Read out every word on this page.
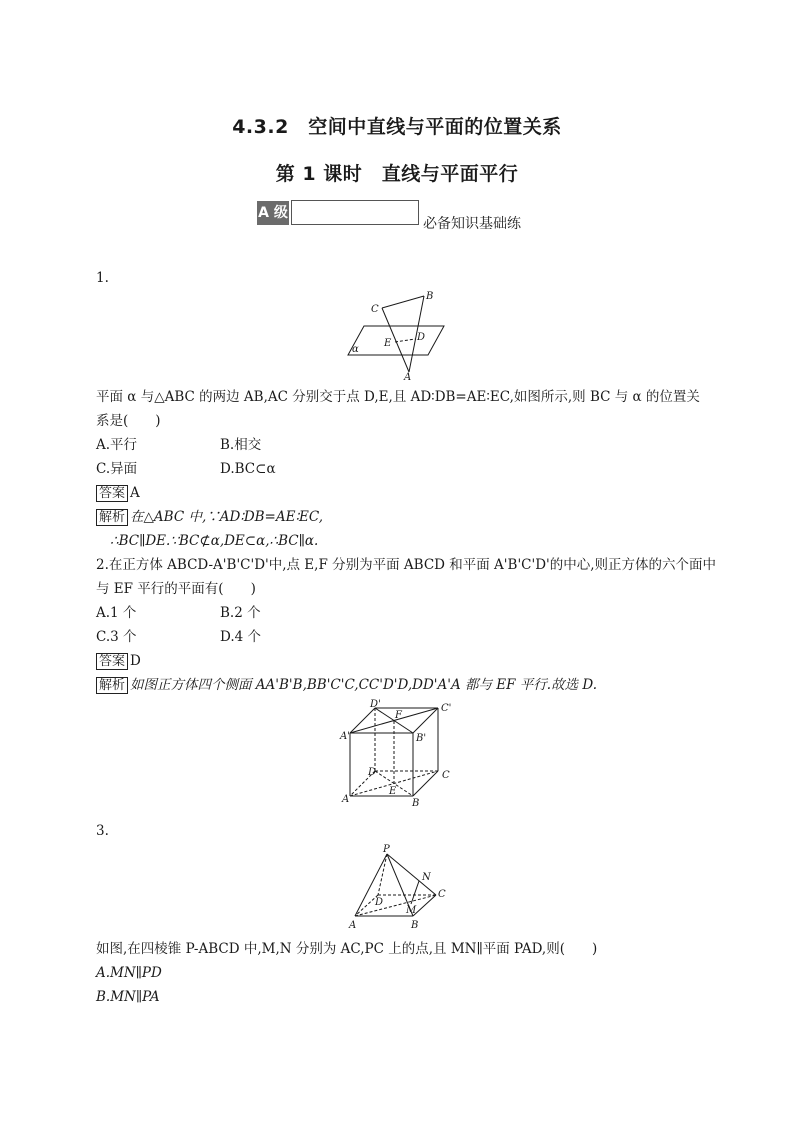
4.3.2　空间中直线与平面的位置关系
第 1 课时　直线与平面平行
A 级
必备知识基础练
1.
C
B
D
E
α
A
平面 α 与△ABC 的两边 AB,AC 分别交于点 D,E,且 AD∶DB=AE∶EC,如图所示,则 BC 与 α 的位置关
系是(　　)
A.平行	B.相交
C.异面	D.BC⊂α
答案 A
解析 在△ABC 中,∵AD∶DB=AE∶EC,
∴BC∥DE.∵BC⊄α,DE⊂α,∴BC∥α.
2.在正方体 ABCD-A'B'C'D'中,点 E,F 分别为平面 ABCD 和平面 A'B'C'D'的中心,则正方体的六个面中
与 EF 平行的平面有(　　)
A.1 个	B.2 个
C.3 个	D.4 个
答案 D
解析 如图正方体四个侧面 AA'B'B,BB'C'C,CC'D'D,DD'A'A 都与 EF 平行.故选 D.
D'
F
C'
A'	B'
D	C
E
A	B
3.
P
N
C
D
M
A	B
如图,在四棱锥 P-ABCD 中,M,N 分别为 AC,PC 上的点,且 MN∥平面 PAD,则(　　)
A.MN∥PD
B.MN∥PA
